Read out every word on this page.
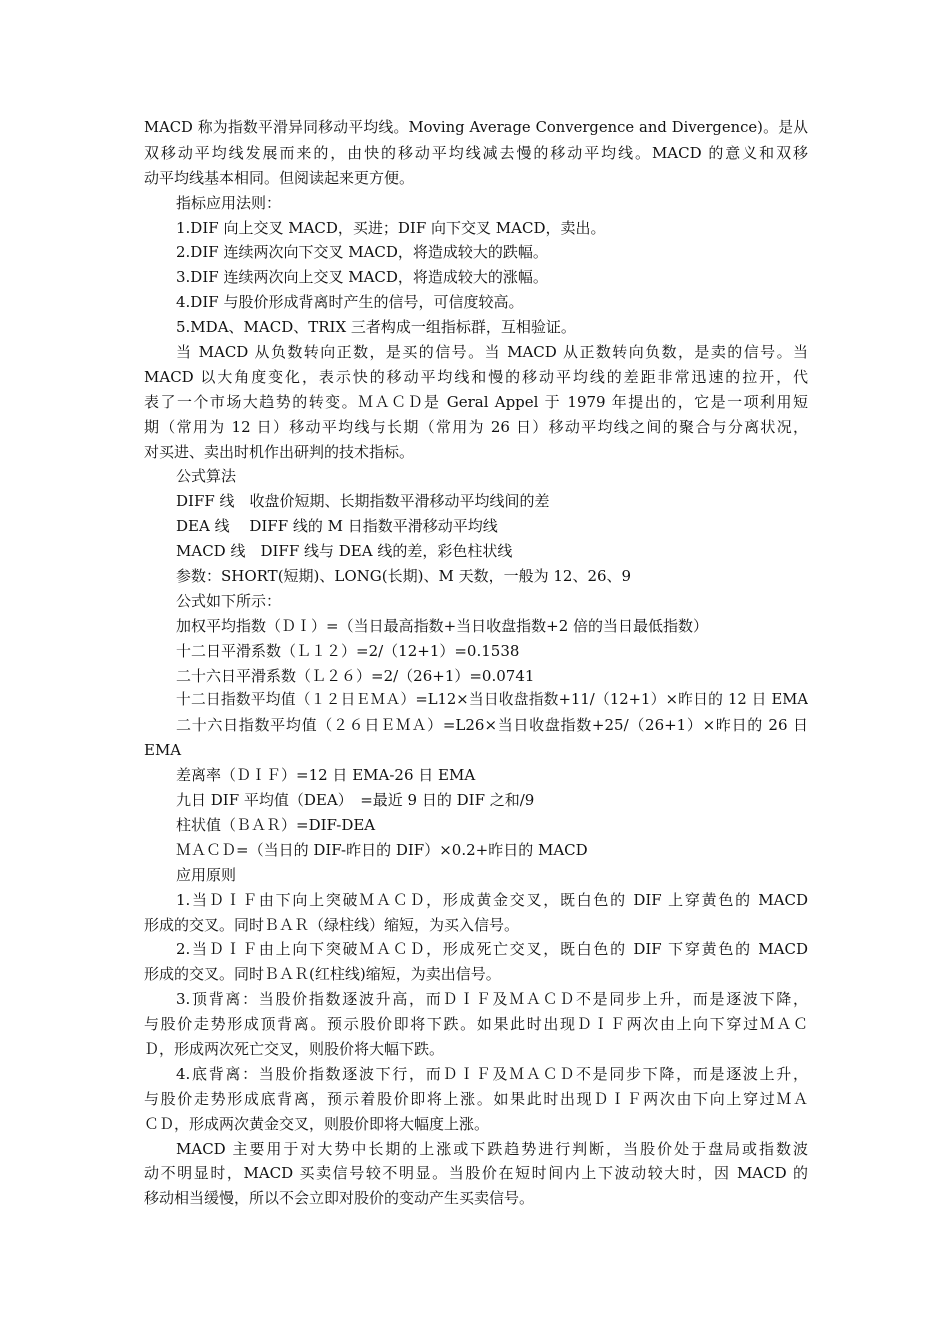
MACD 称为指数平滑异同移动平均线。Moving Average Convergence and Divergence)。是从
双移动平均线发展而来的，由快的移动平均线减去慢的移动平均线。MACD 的意义和双移
动平均线基本相同。但阅读起来更方便。
指标应用法则：
1.DIF 向上交叉 MACD，买进；DIF 向下交叉 MACD，卖出。
2.DIF 连续两次向下交叉 MACD，将造成较大的跌幅。
3.DIF 连续两次向上交叉 MACD，将造成较大的涨幅。
4.DIF 与股价形成背离时产生的信号，可信度较高。
5.MDA、MACD、TRIX 三者构成一组指标群，互相验证。
当 MACD 从负数转向正数，是买的信号。当 MACD 从正数转向负数，是卖的信号。当
MACD 以大角度变化，表示快的移动平均线和慢的移动平均线的差距非常迅速的拉开，代
表了一个市场大趋势的转变。ＭＡＣＤ是 Geral Appel 于 1979 年提出的，它是一项利用短
期（常用为 12 日）移动平均线与长期（常用为 26 日）移动平均线之间的聚合与分离状况，
对买进、卖出时机作出研判的技术指标。
公式算法
DIFF 线　收盘价短期、长期指数平滑移动平均线间的差
DEA 线　 DIFF 线的 M 日指数平滑移动平均线
MACD 线　DIFF 线与 DEA 线的差，彩色柱状线
参数：SHORT(短期)、LONG(长期)、M 天数，一般为 12、26、9
公式如下所示：
加权平均指数（ＤＩ）=（当日最高指数+当日收盘指数+2 倍的当日最低指数）
十二日平滑系数（Ｌ１２）=2/（12+1）=0.1538
二十六日平滑系数（Ｌ２６）=2/（26+1）=0.0741
十二日指数平均值（１２日ＥＭＡ）=L12×当日收盘指数+11/（12+1）×昨日的 12 日 EMA
二十六日指数平均值（２６日ＥＭＡ）=L26×当日收盘指数+25/（26+1）×昨日的 26 日
EMA
差离率（ＤＩＦ）=12 日 EMA-26 日 EMA
九日 DIF 平均值（DEA）　=最近 9 日的 DIF 之和/9
柱状值（ＢＡＲ）=DIF-DEA
ＭＡＣＤ=（当日的 DIF-昨日的 DIF）×0.2+昨日的 MACD
应用原则
1.当ＤＩＦ由下向上突破ＭＡＣＤ，形成黄金交叉，既白色的 DIF 上穿黄色的 MACD
形成的交叉。同时ＢＡＲ（绿柱线）缩短，为买入信号。
2.当ＤＩＦ由上向下突破ＭＡＣＤ，形成死亡交叉，既白色的 DIF 下穿黄色的 MACD
形成的交叉。同时ＢＡＲ(红柱线)缩短，为卖出信号。
3.顶背离：当股价指数逐波升高，而ＤＩＦ及ＭＡＣＤ不是同步上升，而是逐波下降，
与股价走势形成顶背离。预示股价即将下跌。如果此时出现ＤＩＦ两次由上向下穿过ＭＡＣ
Ｄ，形成两次死亡交叉，则股价将大幅下跌。
4.底背离：当股价指数逐波下行，而ＤＩＦ及ＭＡＣＤ不是同步下降，而是逐波上升，
与股价走势形成底背离，预示着股价即将上涨。如果此时出现ＤＩＦ两次由下向上穿过ＭＡ
ＣＤ，形成两次黄金交叉，则股价即将大幅度上涨。
MACD 主要用于对大势中长期的上涨或下跌趋势进行判断，当股价处于盘局或指数波
动不明显时，MACD 买卖信号较不明显。当股价在短时间内上下波动较大时，因 MACD 的
移动相当缓慢，所以不会立即对股价的变动产生买卖信号。
